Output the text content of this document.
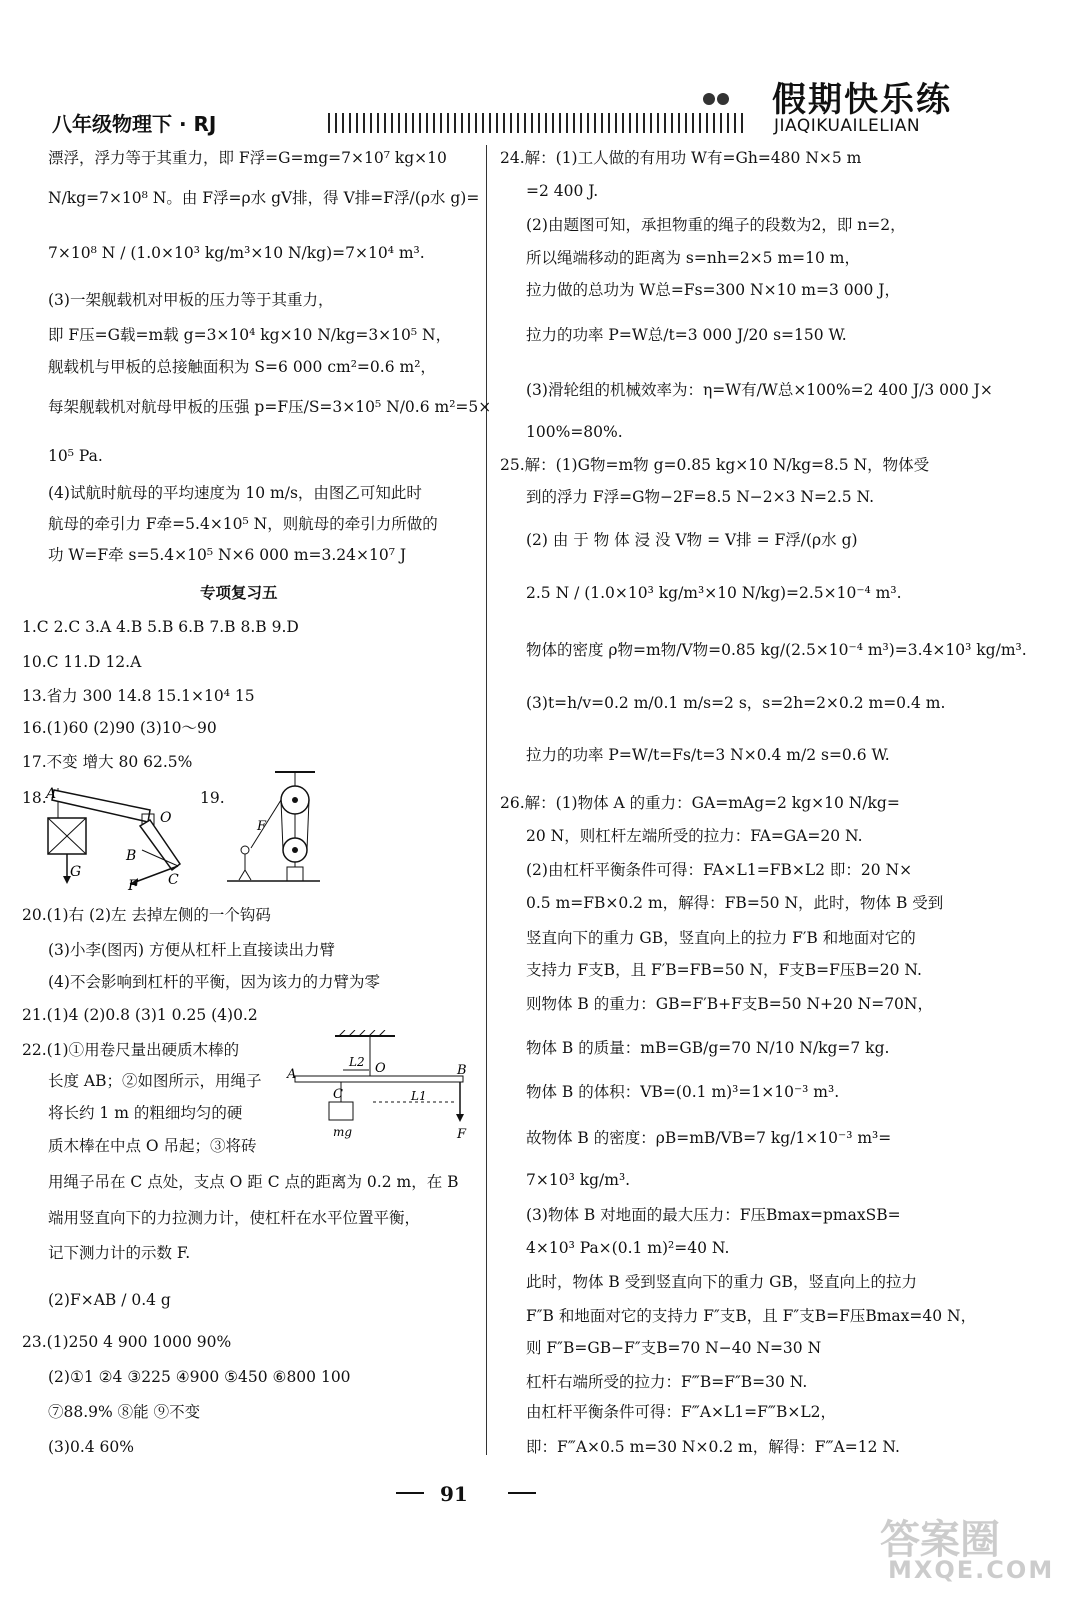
八年级物理下 · RJ
假期快乐练
JIAQIKUAILELIAN
漂浮，浮力等于其重力，即 F浮=G=mg=7×10⁷ kg×10
N/kg=7×10⁸ N。由 F浮=ρ水 gV排，得 V排=F浮/(ρ水 g)=
7×10⁸ N / (1.0×10³ kg/m³×10 N/kg)=7×10⁴ m³.
(3)一架舰载机对甲板的压力等于其重力，
即 F压=G载=m载 g=3×10⁴ kg×10 N/kg=3×10⁵ N，
舰载机与甲板的总接触面积为 S=6 000 cm²=0.6 m²，
每架舰载机对航母甲板的压强 p=F压/S=3×10⁵ N/0.6 m²=5×
10⁵ Pa.
(4)试航时航母的平均速度为 10 m/s，由图乙可知此时
航母的牵引力 F牵=5.4×10⁵ N，则航母的牵引力所做的
功 W=F牵 s=5.4×10⁵ N×6 000 m=3.24×10⁷ J
专项复习五
1.C 2.C 3.A 4.B 5.B 6.B 7.B 8.B 9.D
10.C 11.D 12.A
13.省力 300 14.8 15.1×10⁴ 15
16.(1)60 (2)90 (3)10～90
17.不变 增大 80 62.5%
18. A
O
B
C
G
F
19.
F
20.(1)右 (2)左 去掉左侧的一个钩码
(3)小李(图丙) 方便从杠杆上直接读出力臂
(4)不会影响到杠杆的平衡，因为该力的力臂为零
21.(1)4 (2)0.8 (3)1 0.25 (4)0.2
22.(1)①用卷尺量出硬质木棒的
长度 AB；②如图所示，用绳子
将长约 1 m 的粗细均匀的硬
质木棒在中点 O 吊起；③将砖
用绳子吊在 C 点处，支点 O 距 C 点的距离为 0.2 m，在 B
端用竖直向下的力拉测力计，使杠杆在水平位置平衡，
记下测力计的示数 F.
(2)F×AB / 0.4 g
A	B
L2 O
C	L1
mg	F
23.(1)250 4 900 1000 90%
(2)①1 ②4 ③225 ④900 ⑤450 ⑥800 100
⑦88.9% ⑧能 ⑨不变
(3)0.4 60%
24.解：(1)工人做的有用功 W有=Gh=480 N×5 m
=2 400 J.
(2)由题图可知，承担物重的绳子的段数为2，即 n=2，
所以绳端移动的距离为 s=nh=2×5 m=10 m，
拉力做的总功为 W总=Fs=300 N×10 m=3 000 J，
拉力的功率 P=W总/t=3 000 J/20 s=150 W.
(3)滑轮组的机械效率为：η=W有/W总×100%=2 400 J/3 000 J×
100%=80%.
25.解：(1)G物=m物 g=0.85 kg×10 N/kg=8.5 N，物体受
到的浮力 F浮=G物−2F=8.5 N−2×3 N=2.5 N.
(2) 由 于 物 体 浸 没 V物 = V排 = F浮/(ρ水 g)
2.5 N / (1.0×10³ kg/m³×10 N/kg)=2.5×10⁻⁴ m³.
物体的密度 ρ物=m物/V物=0.85 kg/(2.5×10⁻⁴ m³)=3.4×10³ kg/m³.
(3)t=h/v=0.2 m/0.1 m/s=2 s，s=2h=2×0.2 m=0.4 m.
拉力的功率 P=W/t=Fs/t=3 N×0.4 m/2 s=0.6 W.
26.解：(1)物体 A 的重力：GA=mAg=2 kg×10 N/kg=
20 N，则杠杆左端所受的拉力：FA=GA=20 N.
(2)由杠杆平衡条件可得：FA×L1=FB×L2 即：20 N×
0.5 m=FB×0.2 m，解得：FB=50 N，此时，物体 B 受到
竖直向下的重力 GB，竖直向上的拉力 F′B 和地面对它的
支持力 F支B，且 F′B=FB=50 N，F支B=F压B=20 N.
则物体 B 的重力：GB=F′B+F支B=50 N+20 N=70N，
物体 B 的质量：mB=GB/g=70 N/10 N/kg=7 kg.
物体 B 的体积：VB=(0.1 m)³=1×10⁻³ m³.
故物体 B 的密度：ρB=mB/VB=7 kg/1×10⁻³ m³=
7×10³ kg/m³.
(3)物体 B 对地面的最大压力：F压Bmax=pmaxSB=
4×10³ Pa×(0.1 m)²=40 N.
此时，物体 B 受到竖直向下的重力 GB，竖直向上的拉力
F″B 和地面对它的支持力 F″支B，且 F″支B=F压Bmax=40 N，
则 F″B=GB−F″支B=70 N−40 N=30 N
杠杆右端所受的拉力：F‴B=F″B=30 N.
由杠杆平衡条件可得：F‴A×L1=F‴B×L2，
即：F‴A×0.5 m=30 N×0.2 m，解得：F‴A=12 N.
91
答案圈
MXQE.COM
